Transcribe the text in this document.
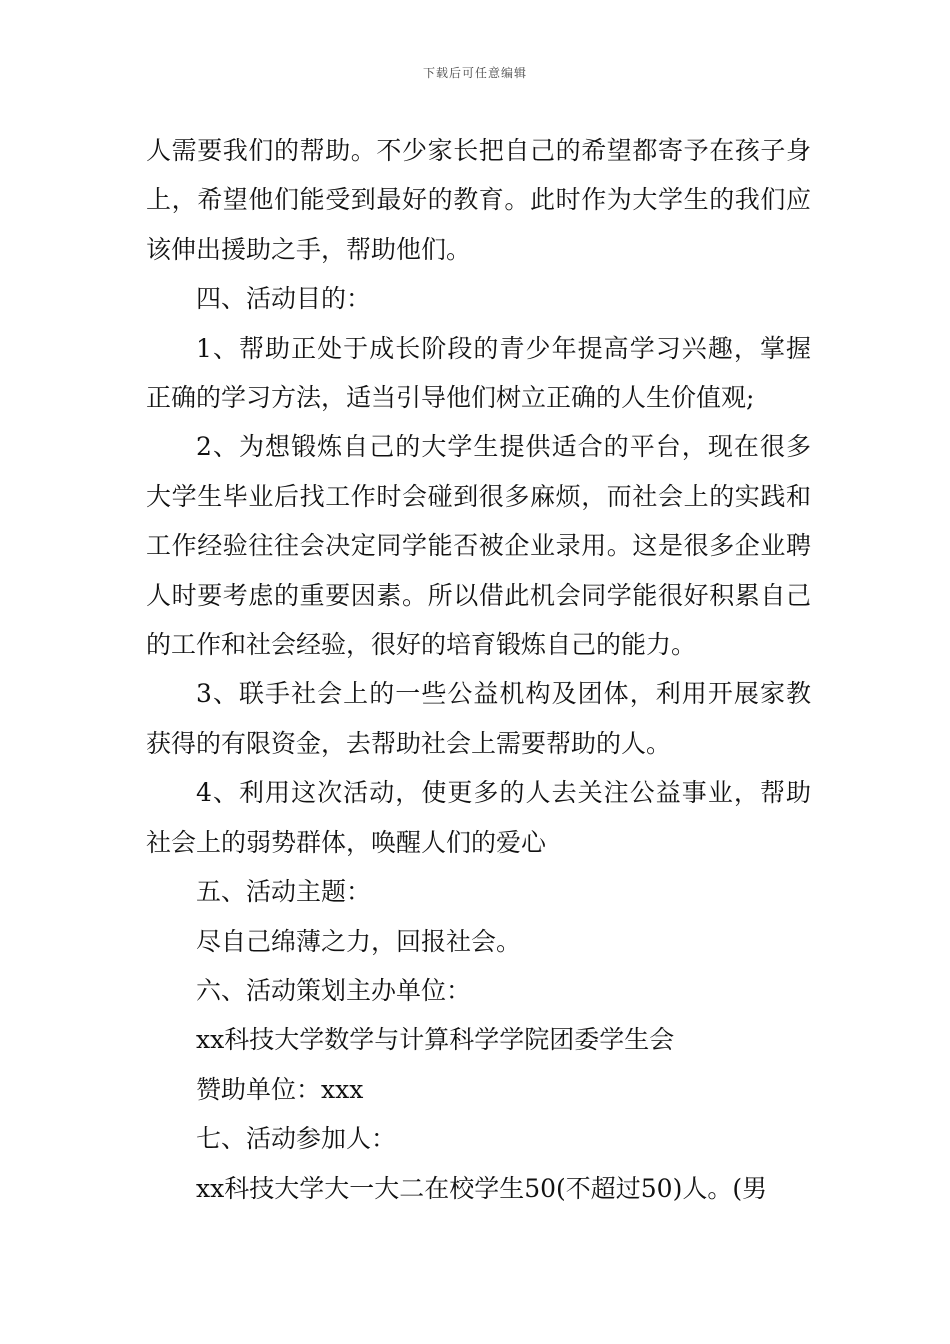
下载后可任意编辑

人需要我们的帮助。不少家长把自己的希望都寄予在孩子身上，希望他们能受到最好的教育。此时作为大学生的我们应该伸出援助之手，帮助他们。

四、活动目的：

1、帮助正处于成长阶段的青少年提高学习兴趣，掌握正确的学习方法，适当引导他们树立正确的人生价值观;

2、为想锻炼自己的大学生提供适合的平台，现在很多大学生毕业后找工作时会碰到很多麻烦，而社会上的实践和工作经验往往会决定同学能否被企业录用。这是很多企业聘人时要考虑的重要因素。所以借此机会同学能很好积累自己的工作和社会经验，很好的培育锻炼自己的能力。

3、联手社会上的一些公益机构及团体，利用开展家教获得的有限资金，去帮助社会上需要帮助的人。

4、利用这次活动，使更多的人去关注公益事业，帮助社会上的弱势群体，唤醒人们的爱心

五、活动主题：

尽自己绵薄之力，回报社会。

六、活动策划主办单位：

xx科技大学数学与计算科学学院团委学生会

赞助单位：xxx

七、活动参加人：

xx科技大学大一大二在校学生50(不超过50)人。(男
